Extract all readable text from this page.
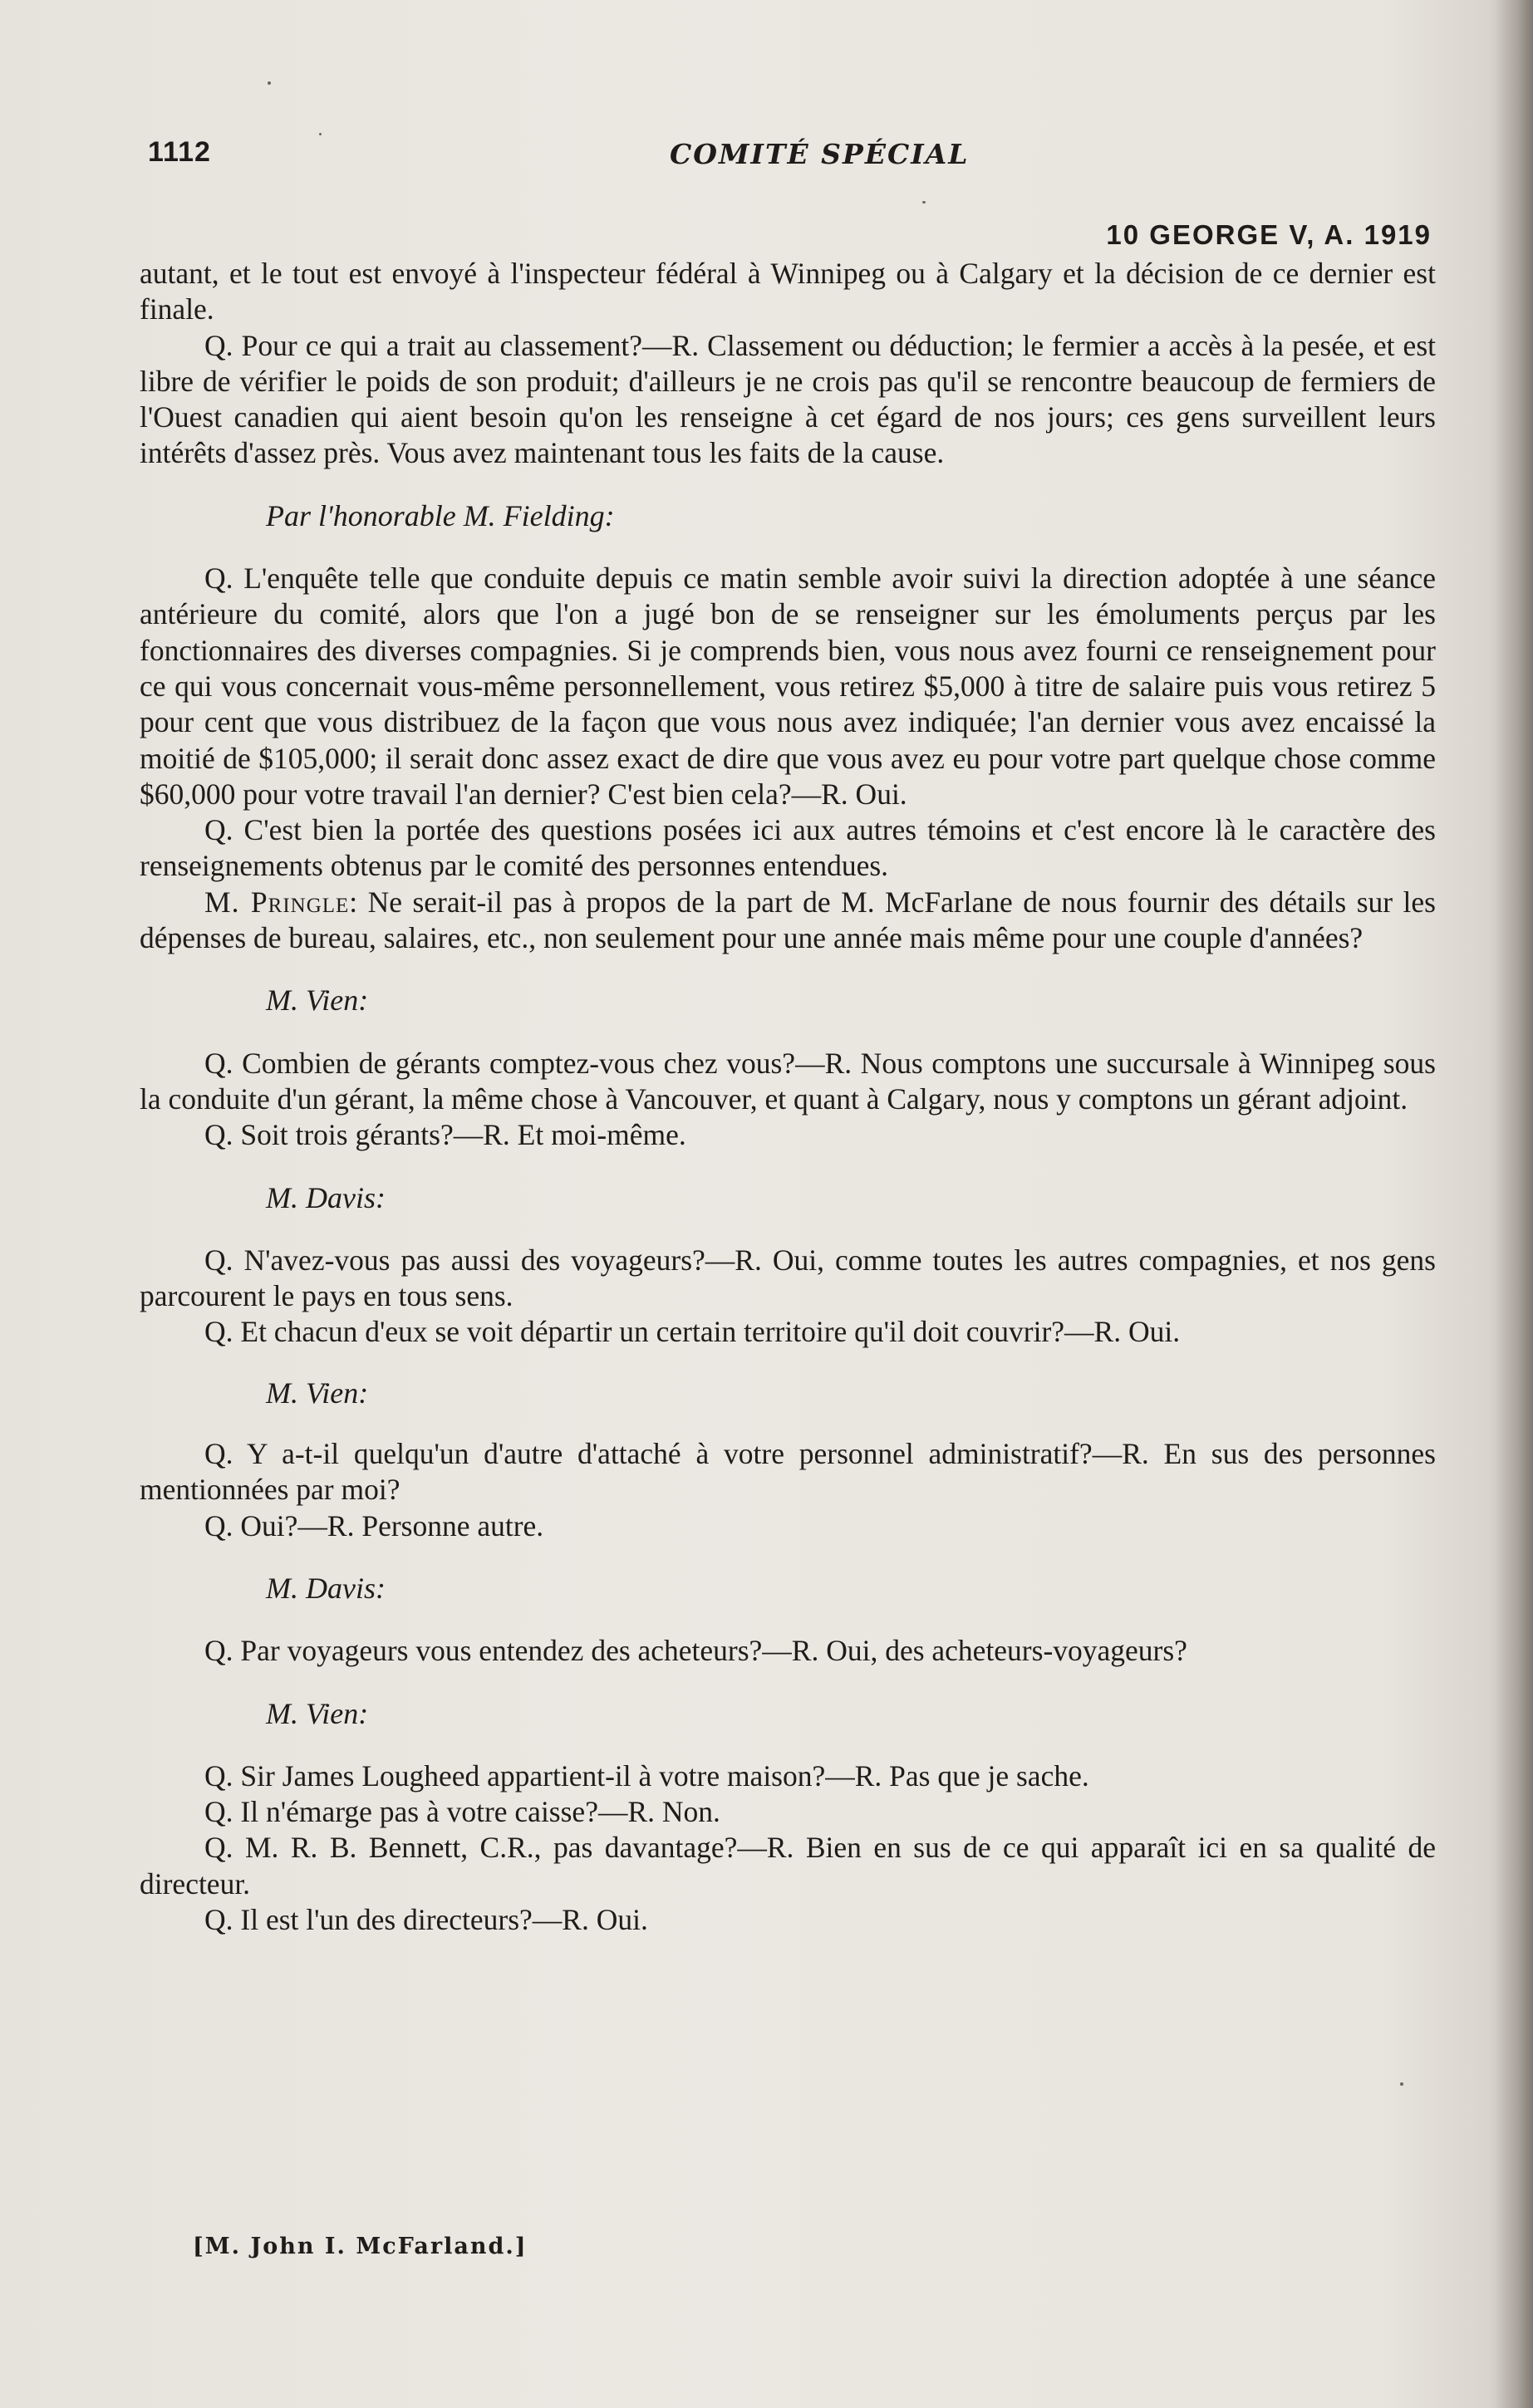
1112	COMITÉ SPÉCIAL
10 GEORGE V, A. 1919

autant, et le tout est envoyé à l'inspecteur fédéral à Winnipeg ou à Calgary et la décision de ce dernier est finale.

Q. Pour ce qui a trait au classement?—R. Classement ou déduction; le fermier a accès à la pesée, et est libre de vérifier le poids de son produit; d'ailleurs je ne crois pas qu'il se rencontre beaucoup de fermiers de l'Ouest canadien qui aient besoin qu'on les renseigne à cet égard de nos jours; ces gens surveillent leurs intérêts d'assez près. Vous avez maintenant tous les faits de la cause.

Par l'honorable M. Fielding:

Q. L'enquête telle que conduite depuis ce matin semble avoir suivi la direction adoptée à une séance antérieure du comité, alors que l'on a jugé bon de se renseigner sur les émoluments perçus par les fonctionnaires des diverses compagnies. Si je comprends bien, vous nous avez fourni ce renseignement pour ce qui vous concernait vous-même personnellement, vous retirez $5,000 à titre de salaire puis vous retirez 5 pour cent que vous distribuez de la façon que vous nous avez indiquée; l'an dernier vous avez encaissé la moitié de $105,000; il serait donc assez exact de dire que vous avez eu pour votre part quelque chose comme $60,000 pour votre travail l'an dernier? C'est bien cela?—R. Oui.

Q. C'est bien la portée des questions posées ici aux autres témoins et c'est encore là le caractère des renseignements obtenus par le comité des personnes entendues.

M. Pringle: Ne serait-il pas à propos de la part de M. McFarlane de nous fournir des détails sur les dépenses de bureau, salaires, etc., non seulement pour une année mais même pour une couple d'années?

M. Vien:

Q. Combien de gérants comptez-vous chez vous?—R. Nous comptons une succursale à Winnipeg sous la conduite d'un gérant, la même chose à Vancouver, et quant à Calgary, nous y comptons un gérant adjoint.

Q. Soit trois gérants?—R. Et moi-même.

M. Davis:

Q. N'avez-vous pas aussi des voyageurs?—R. Oui, comme toutes les autres compagnies, et nos gens parcourent le pays en tous sens.

Q. Et chacun d'eux se voit départir un certain territoire qu'il doit couvrir?—R. Oui.

M. Vien:

Q. Y a-t-il quelqu'un d'autre d'attaché à votre personnel administratif?—R. En sus des personnes mentionnées par moi?

Q. Oui?—R. Personne autre.

M. Davis:

Q. Par voyageurs vous entendez des acheteurs?—R. Oui, des acheteurs-voyageurs?

M. Vien:

Q. Sir James Lougheed appartient-il à votre maison?—R. Pas que je sache.

Q. Il n'émarge pas à votre caisse?—R. Non.

Q. M. R. B. Bennett, C.R., pas davantage?—R. Bien en sus de ce qui apparaît ici en sa qualité de directeur.

Q. Il est l'un des directeurs?—R. Oui.

[M. John I. McFarland.]
